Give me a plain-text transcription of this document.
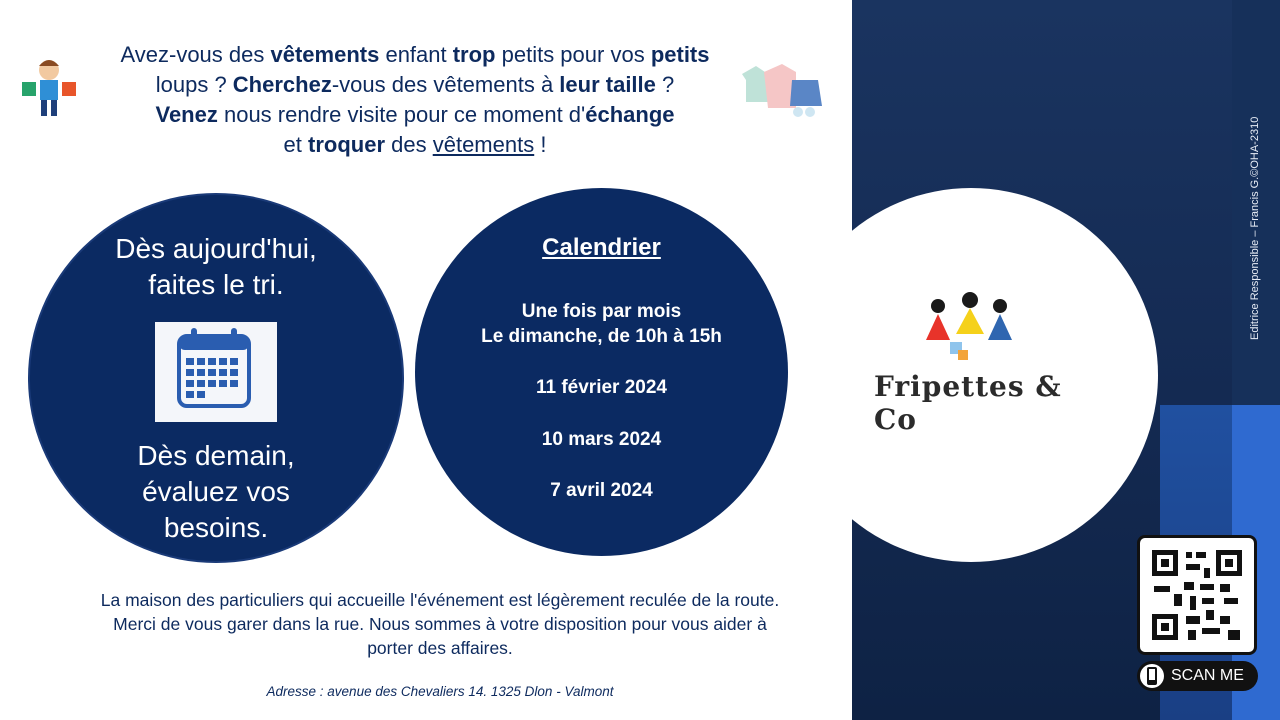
Fripettes & Co
Editrice Responsible – Francis G.©OHA-2310
Avez-vous des vêtements enfant trop petits pour vos petits
loups ? Cherchez-vous des vêtements à leur taille ?
Venez nous rendre visite pour ce moment d'échange
et troquer des vêtements !
Dès aujourd'hui,
faites le tri.
Dès demain,
évaluez vos
besoins.
Calendrier
Une fois par mois
Le dimanche, de 10h à 15h
11 février 2024
10 mars 2024
7 avril 2024
La maison des particuliers qui accueille l'événement est légèrement reculée de la route.
Merci de vous garer dans la rue. Nous sommes à votre disposition pour vous aider à
porter des affaires.
Adresse : avenue des Chevaliers 14. 1325 Dlon - Valmont
SCAN ME
